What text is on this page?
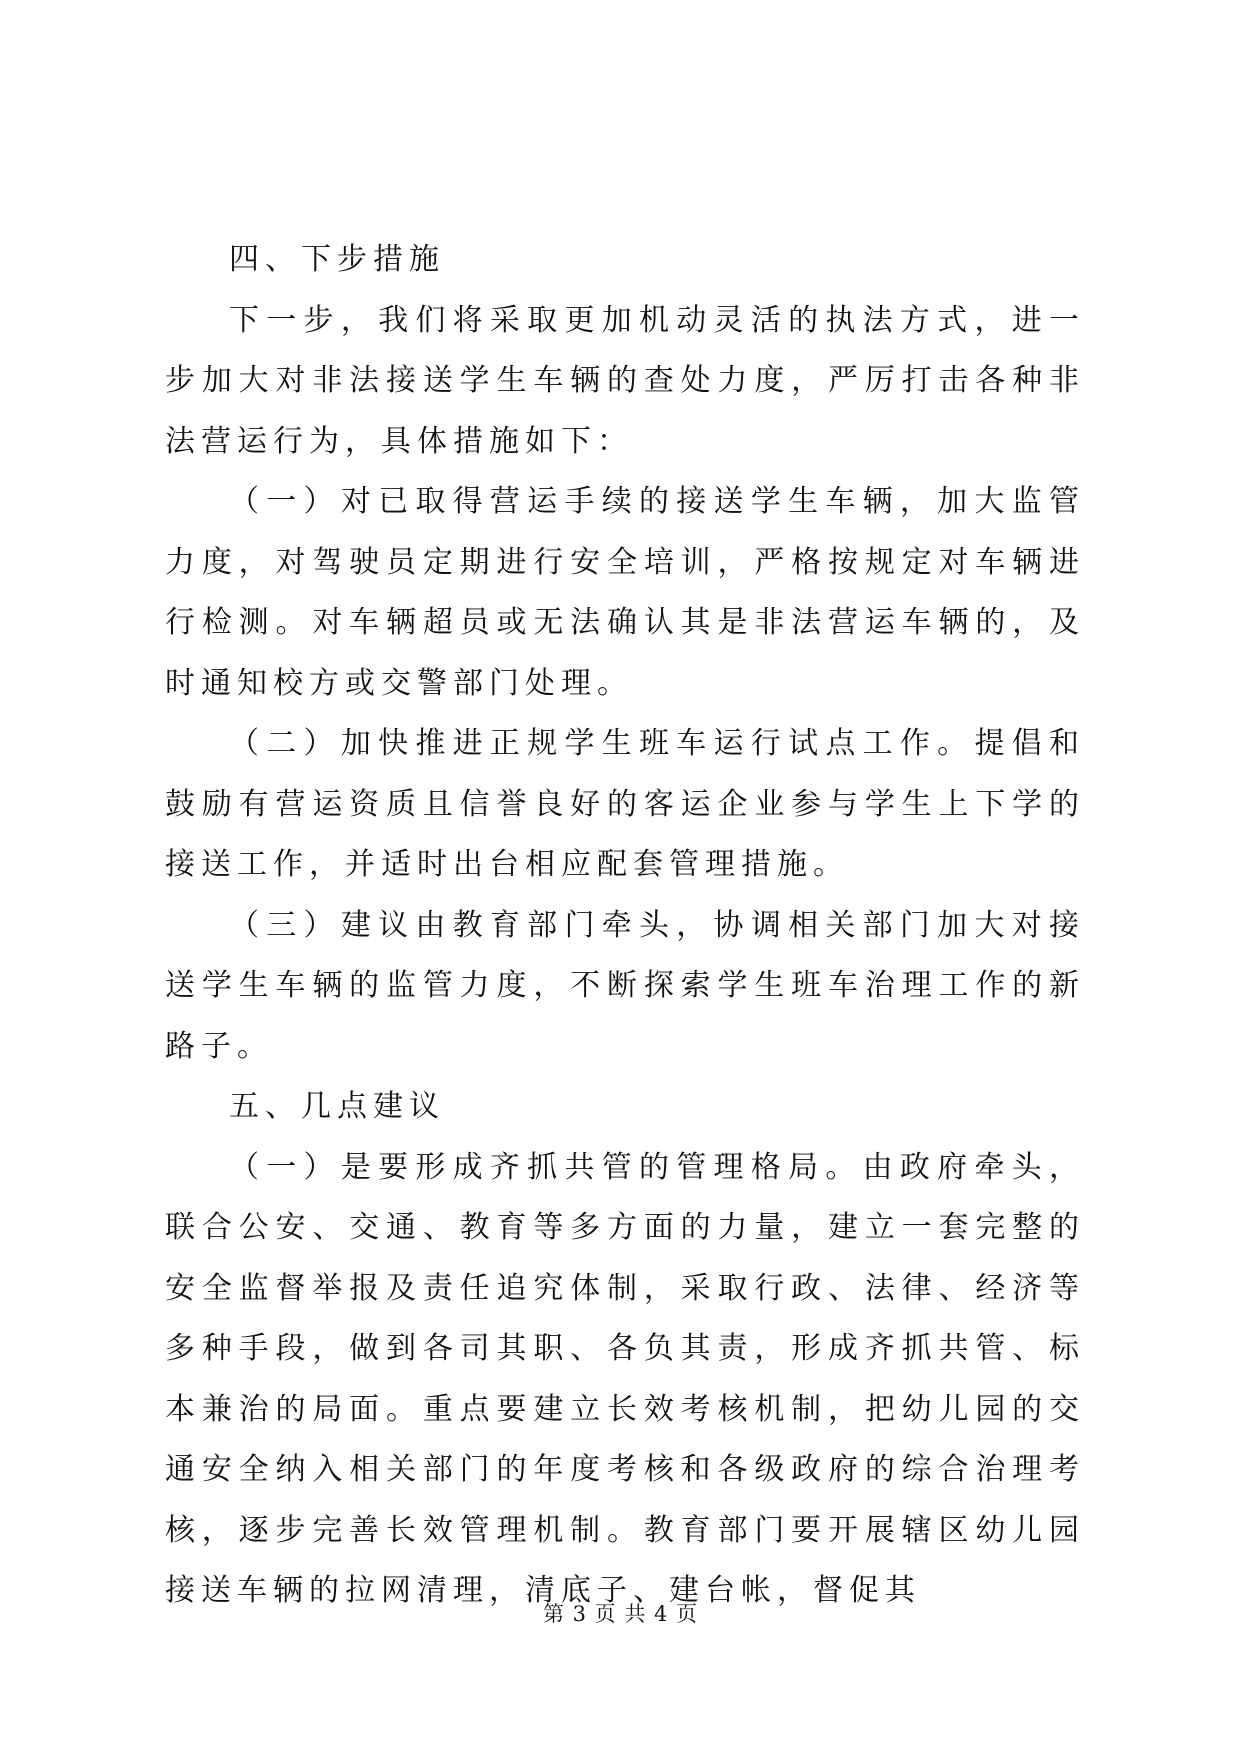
四、下步措施

下一步，我们将采取更加机动灵活的执法方式，进一步加大对非法接送学生车辆的查处力度，严厉打击各种非法营运行为，具体措施如下：

（一）对已取得营运手续的接送学生车辆，加大监管力度，对驾驶员定期进行安全培训，严格按规定对车辆进行检测。对车辆超员或无法确认其是非法营运车辆的，及时通知校方或交警部门处理。

（二）加快推进正规学生班车运行试点工作。提倡和鼓励有营运资质且信誉良好的客运企业参与学生上下学的接送工作，并适时出台相应配套管理措施。

（三）建议由教育部门牵头，协调相关部门加大对接送学生车辆的监管力度，不断探索学生班车治理工作的新路子。

五、几点建议

（一）是要形成齐抓共管的管理格局。由政府牵头，联合公安、交通、教育等多方面的力量，建立一套完整的安全监督举报及责任追究体制，采取行政、法律、经济等多种手段，做到各司其职、各负其责，形成齐抓共管、标本兼治的局面。重点要建立长效考核机制，把幼儿园的交通安全纳入相关部门的年度考核和各级政府的综合治理考核，逐步完善长效管理机制。教育部门要开展辖区幼儿园接送车辆的拉网清理，清底子、建台帐，督促其

第 3 页 共 4 页
